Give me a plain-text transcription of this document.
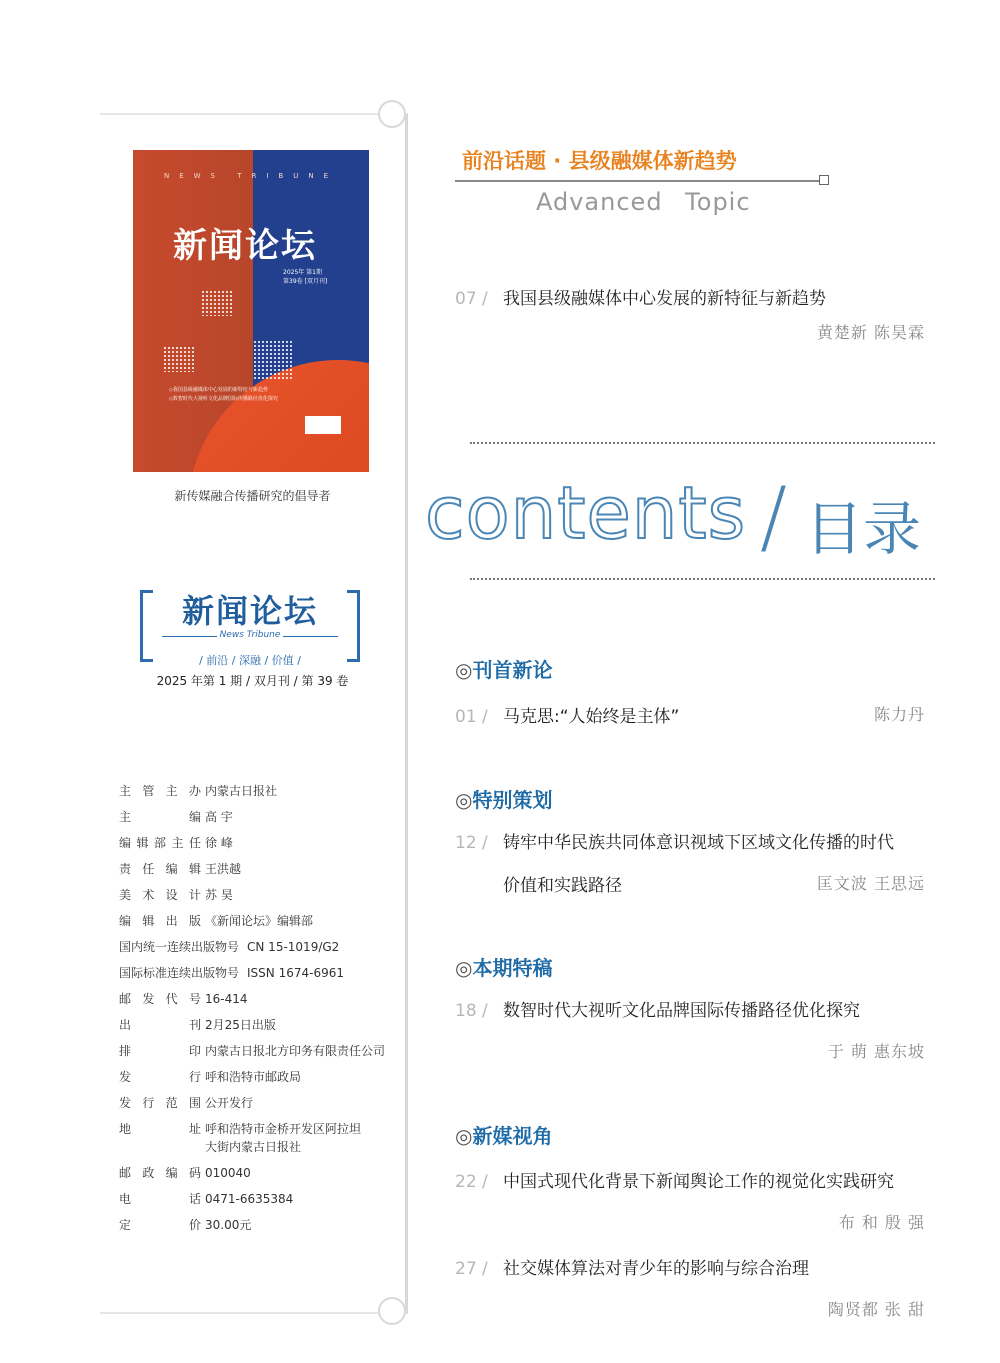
NEWS TRIBUNE
新闻论坛
2025年 第1期
第39卷 [双月刊]
◇我国县级融媒体中心发展的新特征与新趋势
◇数智时代大视听文化品牌国际传播路径优化探究
新传媒融合传播研究的倡导者
新闻论坛
News Tribune
/ 前沿 / 深融 / 价值 /
2025 年第 1 期 / 双月刊 / 第 39 卷
主管主办 内蒙古日报社
主编 高 宇
编辑部主任 徐 峰
责任编辑 王洪越
美术设计 苏 昊
编辑出版 《新闻论坛》编辑部
国内统一连续出版物号 CN 15-1019/G2
国际标准连续出版物号 ISSN 1674-6961
邮发代号 16-414
出刊 2月25日出版
排印 内蒙古日报北方印务有限责任公司
发行 呼和浩特市邮政局
发行范围 公开发行
地址 呼和浩特市金桥开发区阿拉坦
大街内蒙古日报社
邮政编码 010040
电话 0471-6635384
定价 30.00元
前沿话题 · 县级融媒体新趋势
Advanced Topic
07 / 我国县级融媒体中心发展的新特征与新趋势
黄楚新 陈昊霖
contents / 目录
◎刊首新论
01 / 马克思:“人始终是主体”	陈力丹
◎特别策划
12 / 铸牢中华民族共同体意识视域下区域文化传播的时代
价值和实践路径	匡文波 王思远
◎本期特稿
18 / 数智时代大视听文化品牌国际传播路径优化探究
于 萌 惠东坡
◎新媒视角
22 / 中国式现代化背景下新闻舆论工作的视觉化实践研究
布 和 殷 强
27 / 社交媒体算法对青少年的影响与综合治理
陶贤都 张 甜
